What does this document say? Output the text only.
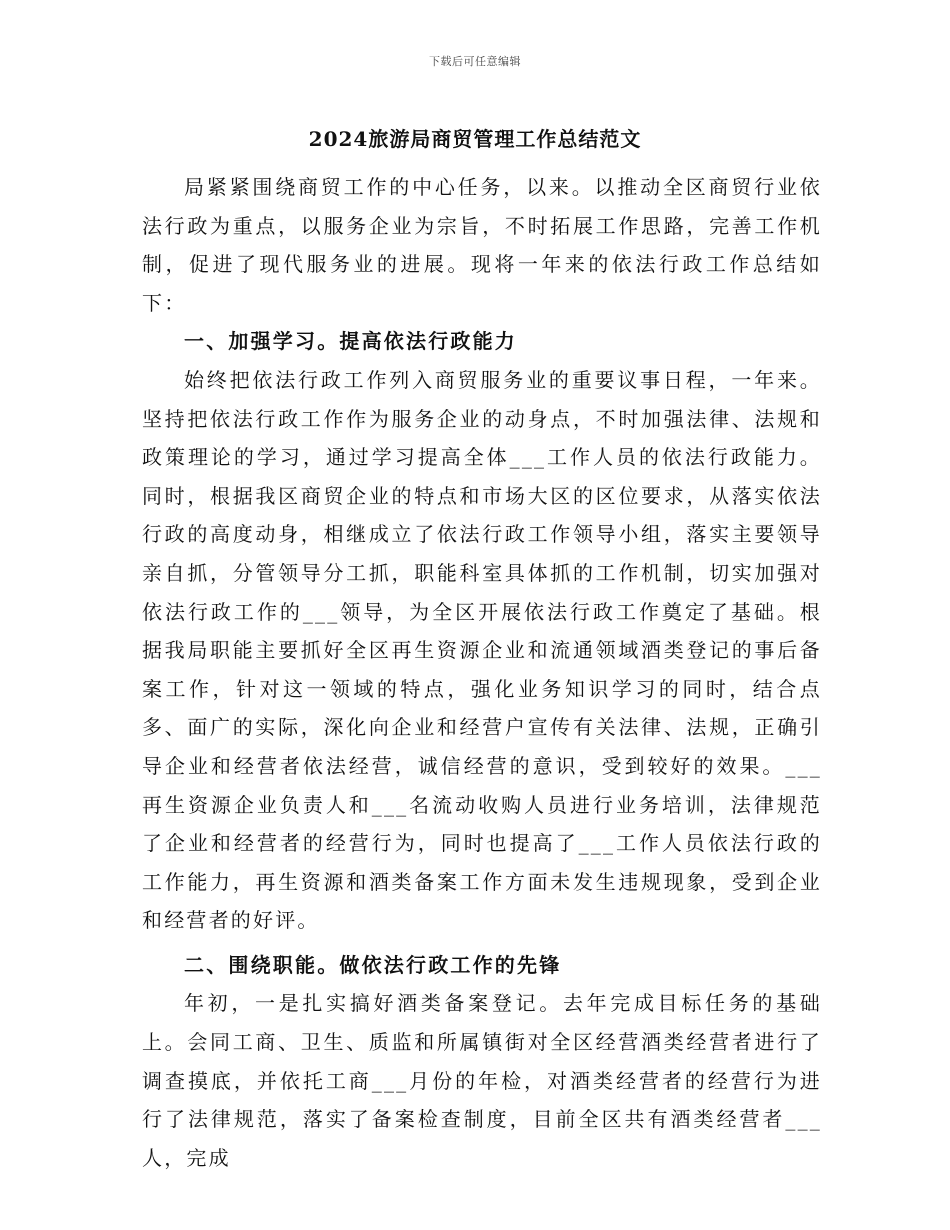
下载后可任意编辑
2024旅游局商贸管理工作总结范文

局紧紧围绕商贸工作的中心任务，以来。以推动全区商贸行业依法行政为重点，以服务企业为宗旨，不时拓展工作思路，完善工作机制，促进了现代服务业的进展。现将一年来的依法行政工作总结如下：

一、加强学习。提高依法行政能力

始终把依法行政工作列入商贸服务业的重要议事日程，一年来。坚持把依法行政工作作为服务企业的动身点，不时加强法律、法规和政策理论的学习，通过学习提高全体___工作人员的依法行政能力。同时，根据我区商贸企业的特点和市场大区的区位要求，从落实依法行政的高度动身，相继成立了依法行政工作领导小组，落实主要领导亲自抓，分管领导分工抓，职能科室具体抓的工作机制，切实加强对依法行政工作的___领导，为全区开展依法行政工作奠定了基础。根据我局职能主要抓好全区再生资源企业和流通领域酒类登记的事后备案工作，针对这一领域的特点，强化业务知识学习的同时，结合点多、面广的实际，深化向企业和经营户宣传有关法律、法规，正确引导企业和经营者依法经营，诚信经营的意识，受到较好的效果。___再生资源企业负责人和___名流动收购人员进行业务培训，法律规范了企业和经营者的经营行为，同时也提高了___工作人员依法行政的工作能力，再生资源和酒类备案工作方面未发生违规现象，受到企业和经营者的好评。

二、围绕职能。做依法行政工作的先锋

年初，一是扎实搞好酒类备案登记。去年完成目标任务的基础上。会同工商、卫生、质监和所属镇街对全区经营酒类经营者进行了调查摸底，并依托工商___月份的年检，对酒类经营者的经营行为进行了法律规范，落实了备案检查制度，目前全区共有酒类经营者___人，完成
